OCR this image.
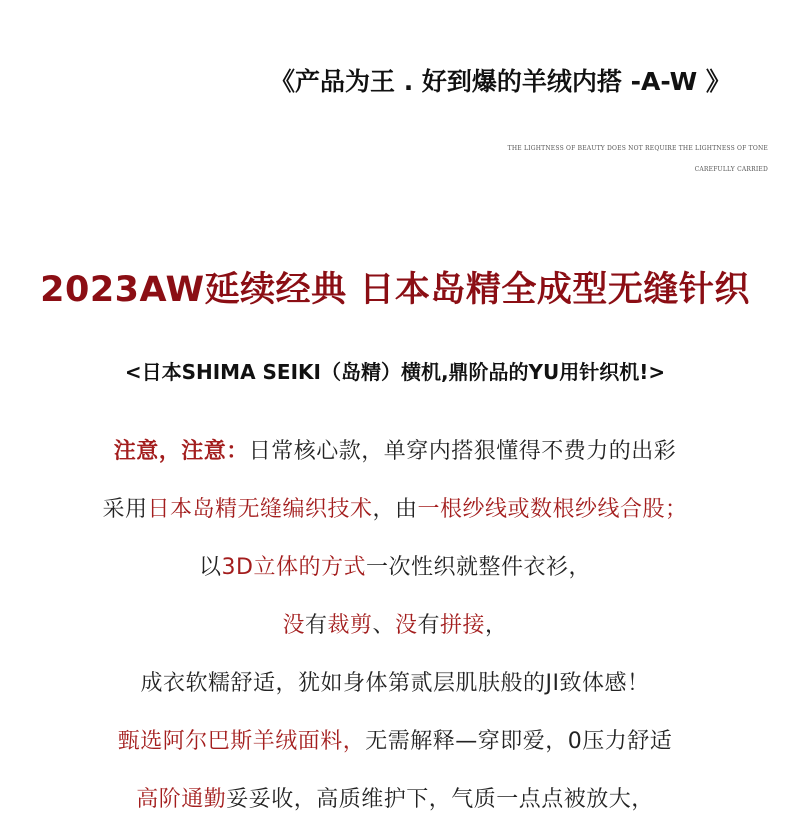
《产品为王 . 好到爆的羊绒内搭 -A-W 》
THE LIGHTNESS OF BEAUTY DOES NOT REQUIRE THE LIGHTNESS OF TONE
CAREFULLY CARRIED
2023AW延续经典 日本岛精全成型无缝针织
<日本SHIMA SEIKI（岛精）横机,鼎阶品的YU用针织机!>
注意，注意：日常核心款，单穿内搭狠懂得不费力的出彩
采用日本岛精无缝编织技术，由一根纱线或数根纱线合股；
以3D立体的方式一次性织就整件衣衫，
没有裁剪、没有拼接，
成衣软糯舒适，犹如身体第贰层肌肤般的JI致体感！
甄选阿尔巴斯羊绒面料，无需解释—穿即爱，0压力舒适
高阶通勤妥妥收，高质维护下，气质一点点被放大，
